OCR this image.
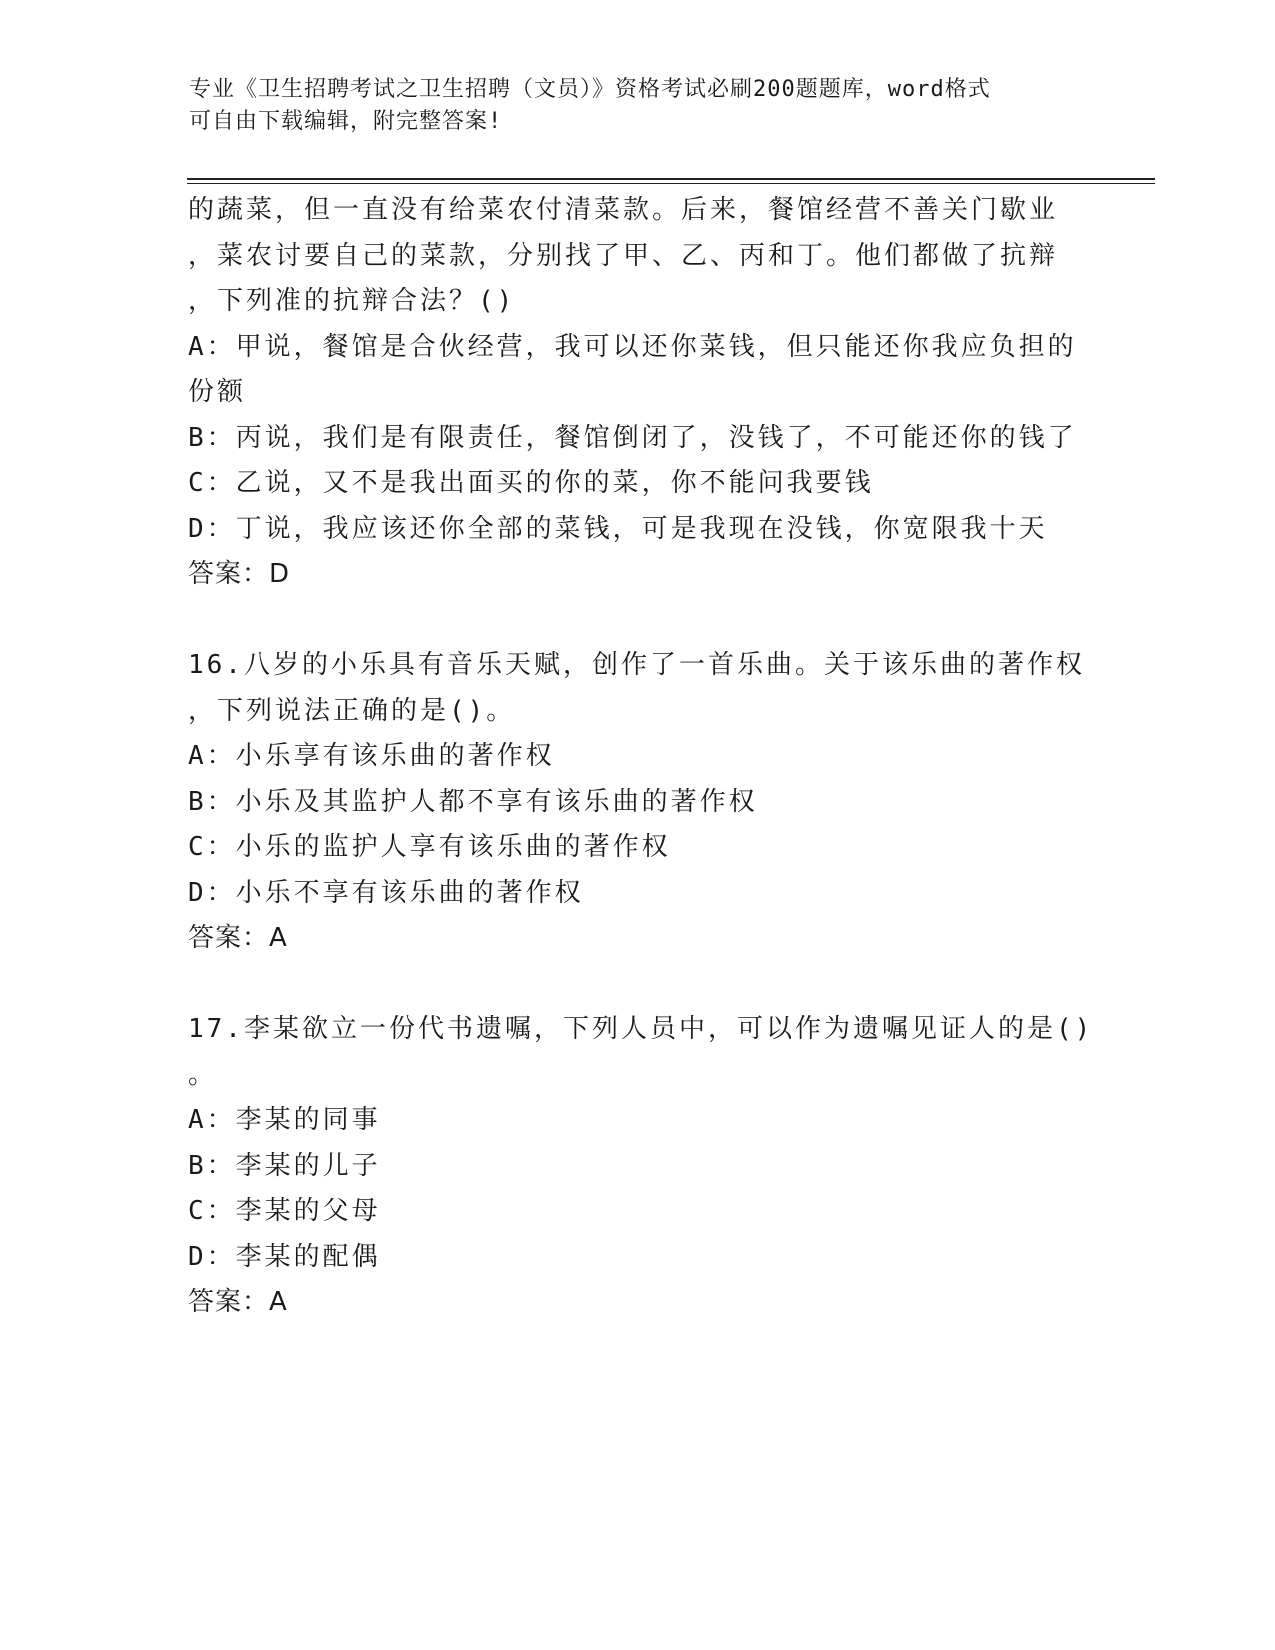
专业《卫生招聘考试之卫生招聘（文员）》资格考试必刷200题题库，word格式
可自由下载编辑，附完整答案!
的蔬菜，但一直没有给菜农付清菜款。后来，餐馆经营不善关门歇业
，菜农讨要自己的菜款，分别找了甲、乙、丙和丁。他们都做了抗辩
，下列准的抗辩合法？()
A：甲说，餐馆是合伙经营，我可以还你菜钱，但只能还你我应负担的
份额
B：丙说，我们是有限责任，餐馆倒闭了，没钱了，不可能还你的钱了
C：乙说，又不是我出面买的你的菜，你不能问我要钱
D：丁说，我应该还你全部的菜钱，可是我现在没钱，你宽限我十天
答案：D
16.八岁的小乐具有音乐天赋，创作了一首乐曲。关于该乐曲的著作权
，下列说法正确的是()。
A：小乐享有该乐曲的著作权
B：小乐及其监护人都不享有该乐曲的著作权
C：小乐的监护人享有该乐曲的著作权
D：小乐不享有该乐曲的著作权
答案：A
17.李某欲立一份代书遗嘱，下列人员中，可以作为遗嘱见证人的是()
。
A：李某的同事
B：李某的儿子
C：李某的父母
D：李某的配偶
答案：A
